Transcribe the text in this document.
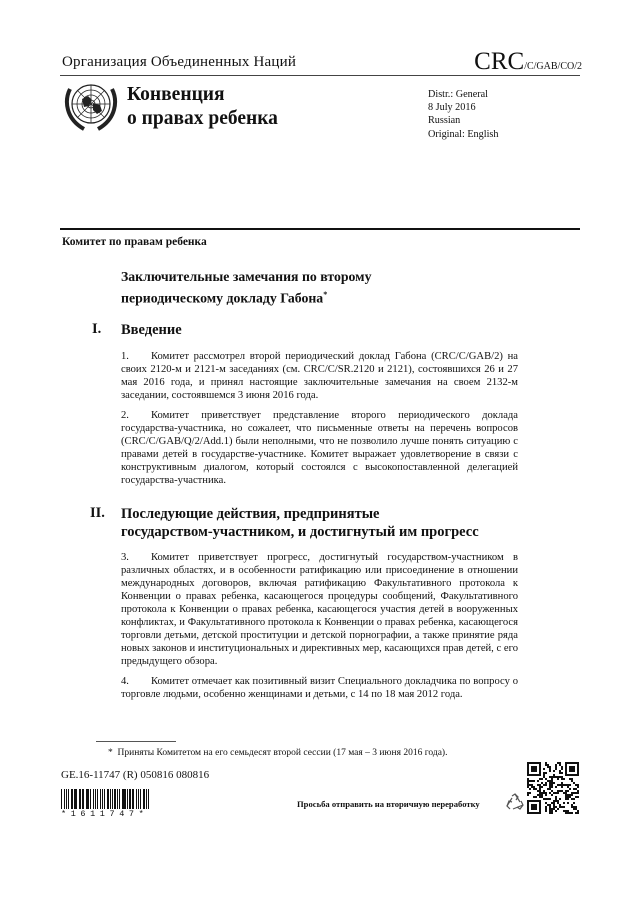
Организация Объединенных Наций	CRC/C/GAB/CO/2
Конвенция
о правах ребенка
Distr.: General
8 July 2016
Russian
Original: English
Комитет по правам ребенка
Заключительные замечания по второму
периодическому докладу Габона*
I. Введение
1. Комитет рассмотрел второй периодический доклад Габона (CRC/C/GAB/2) на своих 2120-м и 2121-м заседаниях (см. CRC/C/SR.2120 и 2121), состоявшихся 26 и 27 мая 2016 года, и принял настоящие заключительные замечания на своем 2132-м заседании, состоявшемся 3 июня 2016 года.
2. Комитет приветствует представление второго периодического доклада государства-участника, но сожалеет, что письменные ответы на перечень вопросов (CRC/C/GAB/Q/2/Add.1) были неполными, что не позволило лучше понять ситуацию с правами детей в государстве-участнике. Комитет выражает удовлетворение в связи с конструктивным диалогом, который состоялся с высокопоставленной делегацией государства-участника.
II. Последующие действия, предпринятые
государством-участником, и достигнутый им прогресс
3. Комитет приветствует прогресс, достигнутый государством-участником в различных областях, и в особенности ратификацию или присоединение в отношении международных договоров, включая ратификацию Факультативного протокола к Конвенции о правах ребенка, касающегося процедуры сообщений, Факультативного протокола к Конвенции о правах ребенка, касающегося участия детей в вооруженных конфликтах, и Факультативного протокола к Конвенции о правах ребенка, касающегося торговли детьми, детской проституции и детской порнографии, а также принятие ряда новых законов и институциональных и директивных мер, касающихся прав детей, с его предыдущего обзора.
4. Комитет отмечает как позитивный визит Специального докладчика по вопросу о торговле людьми, особенно женщинами и детьми, с 14 по 18 мая 2012 года.
* Приняты Комитетом на его семьдесят второй сессии (17 мая – 3 июня 2016 года).
GE.16-11747 (R) 050816 080816
*1611747*
Просьба отправить на вторичную переработку
